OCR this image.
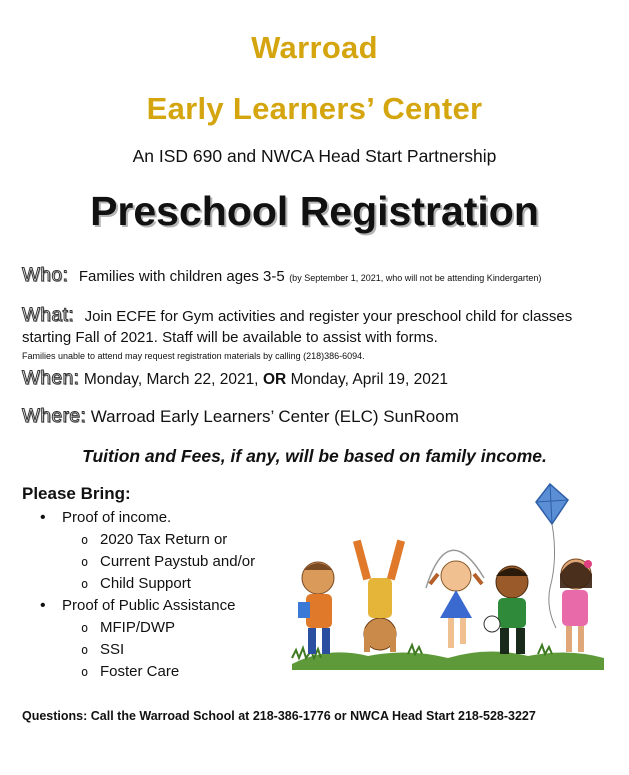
Warroad
Early Learners’ Center
An ISD 690 and NWCA Head Start Partnership
Preschool Registration
Who: Families with children ages 3-5 (by September 1, 2021, who will not be attending Kindergarten)
What: Join ECFE for Gym activities and register your preschool child for classes starting Fall of 2021. Staff will be available to assist with forms.
Families unable to attend may request registration materials by calling (218)386-6094.
When: Monday, March 22, 2021, OR Monday, April 19, 2021
Where: Warroad Early Learners’ Center (ELC) SunRoom
Tuition and Fees, if any, will be based on family income.
Please Bring:
• Proof of income.
o 2020 Tax Return or
o Current Paystub and/or
o Child Support
• Proof of Public Assistance
o MFIP/DWP
o SSI
o Foster Care
Questions: Call the Warroad School at 218-386-1776 or NWCA Head Start 218-528-3227
